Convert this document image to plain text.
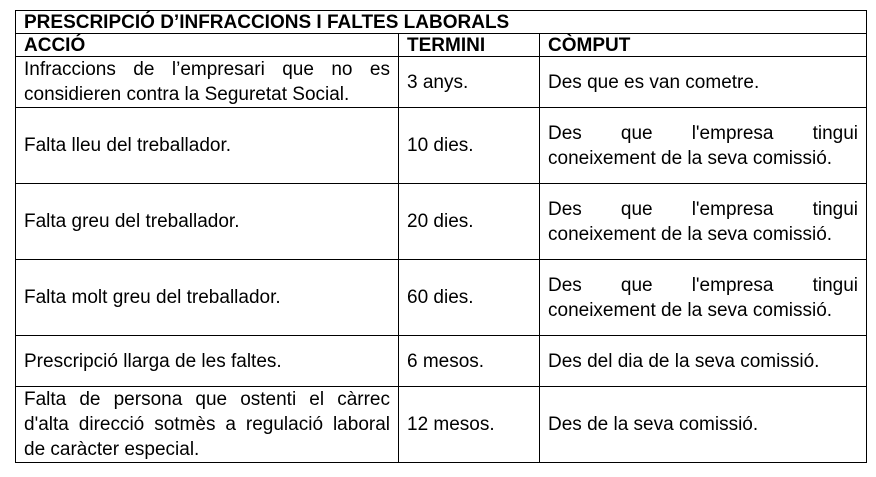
PRESCRIPCIÓ D’INFRACCIONS I FALTES LABORALS		
ACCIÓ	TERMINI	CÒMPUT
Infraccions de l’empresari que no es considieren contra la Seguretat Social.	3 anys.	Des que es van cometre.
Falta lleu del treballador.	10 dies.	Des que l'empresa tingui coneixement de la seva comissió.
Falta greu del treballador.	20 dies.	Des que l'empresa tingui coneixement de la seva comissió.
Falta molt greu del treballador.	60 dies.	Des que l'empresa tingui coneixement de la seva comissió.
Prescripció llarga de les faltes.	6 mesos.	Des del dia de la seva comissió.
Falta de persona que ostenti el càrrec d'alta direcció sotmès a regulació laboral de caràcter especial.	12 mesos.	Des de la seva comissió.
